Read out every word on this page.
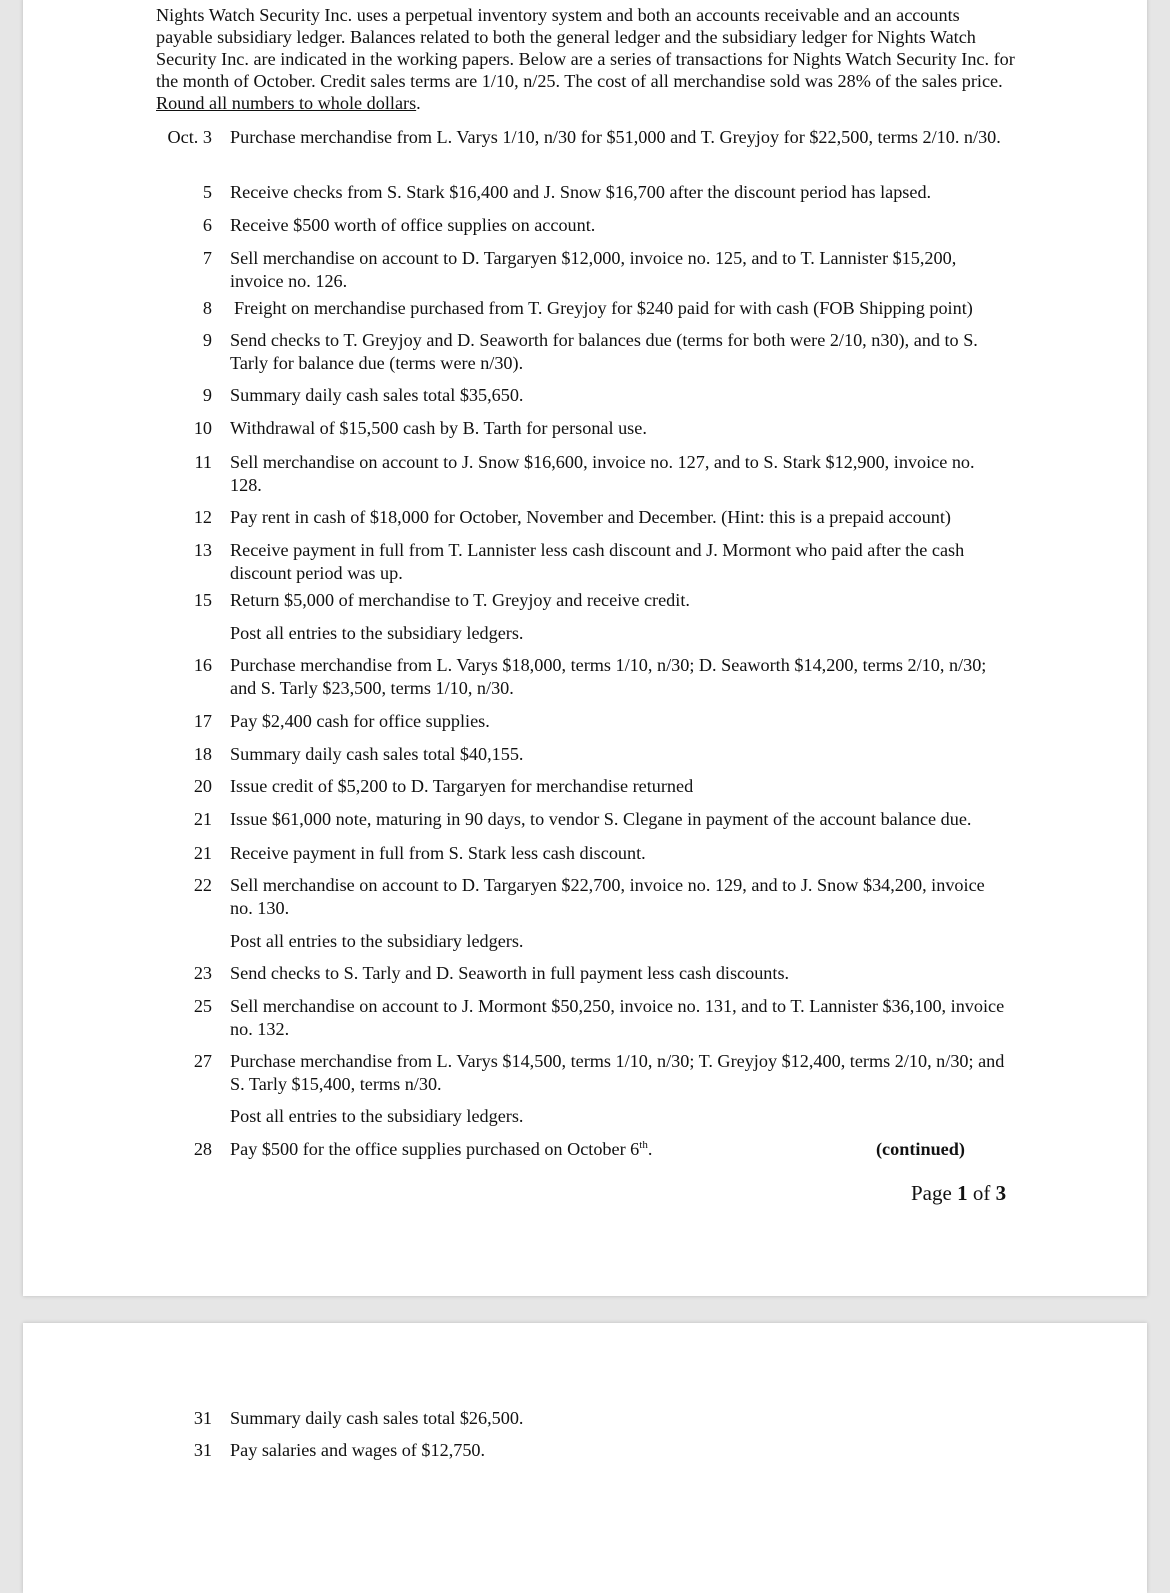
Nights Watch Security Inc. uses a perpetual inventory system and both an accounts receivable and an accounts payable subsidiary ledger. Balances related to both the general ledger and the subsidiary ledger for Nights Watch Security Inc. are indicated in the working papers. Below are a series of transactions for Nights Watch Security Inc. for the month of October. Credit sales terms are 1/10, n/25. The cost of all merchandise sold was 28% of the sales price. Round all numbers to whole dollars.

Oct. 3 Purchase merchandise from L. Varys 1/10, n/30 for $51,000 and T. Greyjoy for $22,500, terms 2/10. n/30.
5 Receive checks from S. Stark $16,400 and J. Snow $16,700 after the discount period has lapsed.
6 Receive $500 worth of office supplies on account.
7 Sell merchandise on account to D. Targaryen $12,000, invoice no. 125, and to T. Lannister $15,200, invoice no. 126.
8 Freight on merchandise purchased from T. Greyjoy for $240 paid for with cash (FOB Shipping point)
9 Send checks to T. Greyjoy and D. Seaworth for balances due (terms for both were 2/10, n30), and to S. Tarly for balance due (terms were n/30).
9 Summary daily cash sales total $35,650.
10 Withdrawal of $15,500 cash by B. Tarth for personal use.
11 Sell merchandise on account to J. Snow $16,600, invoice no. 127, and to S. Stark $12,900, invoice no. 128.
12 Pay rent in cash of $18,000 for October, November and December. (Hint: this is a prepaid account)
13 Receive payment in full from T. Lannister less cash discount and J. Mormont who paid after the cash discount period was up.
15 Return $5,000 of merchandise to T. Greyjoy and receive credit.
Post all entries to the subsidiary ledgers.
16 Purchase merchandise from L. Varys $18,000, terms 1/10, n/30; D. Seaworth $14,200, terms 2/10, n/30; and S. Tarly $23,500, terms 1/10, n/30.
17 Pay $2,400 cash for office supplies.
18 Summary daily cash sales total $40,155.
20 Issue credit of $5,200 to D. Targaryen for merchandise returned
21 Issue $61,000 note, maturing in 90 days, to vendor S. Clegane in payment of the account balance due.
21 Receive payment in full from S. Stark less cash discount.
22 Sell merchandise on account to D. Targaryen $22,700, invoice no. 129, and to J. Snow $34,200, invoice no. 130.
Post all entries to the subsidiary ledgers.
23 Send checks to S. Tarly and D. Seaworth in full payment less cash discounts.
25 Sell merchandise on account to J. Mormont $50,250, invoice no. 131, and to T. Lannister $36,100, invoice no. 132.
27 Purchase merchandise from L. Varys $14,500, terms 1/10, n/30; T. Greyjoy $12,400, terms 2/10, n/30; and S. Tarly $15,400, terms n/30.
Post all entries to the subsidiary ledgers.
28 Pay $500 for the office supplies purchased on October 6th.	(continued)
Page 1 of 3
31 Summary daily cash sales total $26,500.
31 Pay salaries and wages of $12,750.
